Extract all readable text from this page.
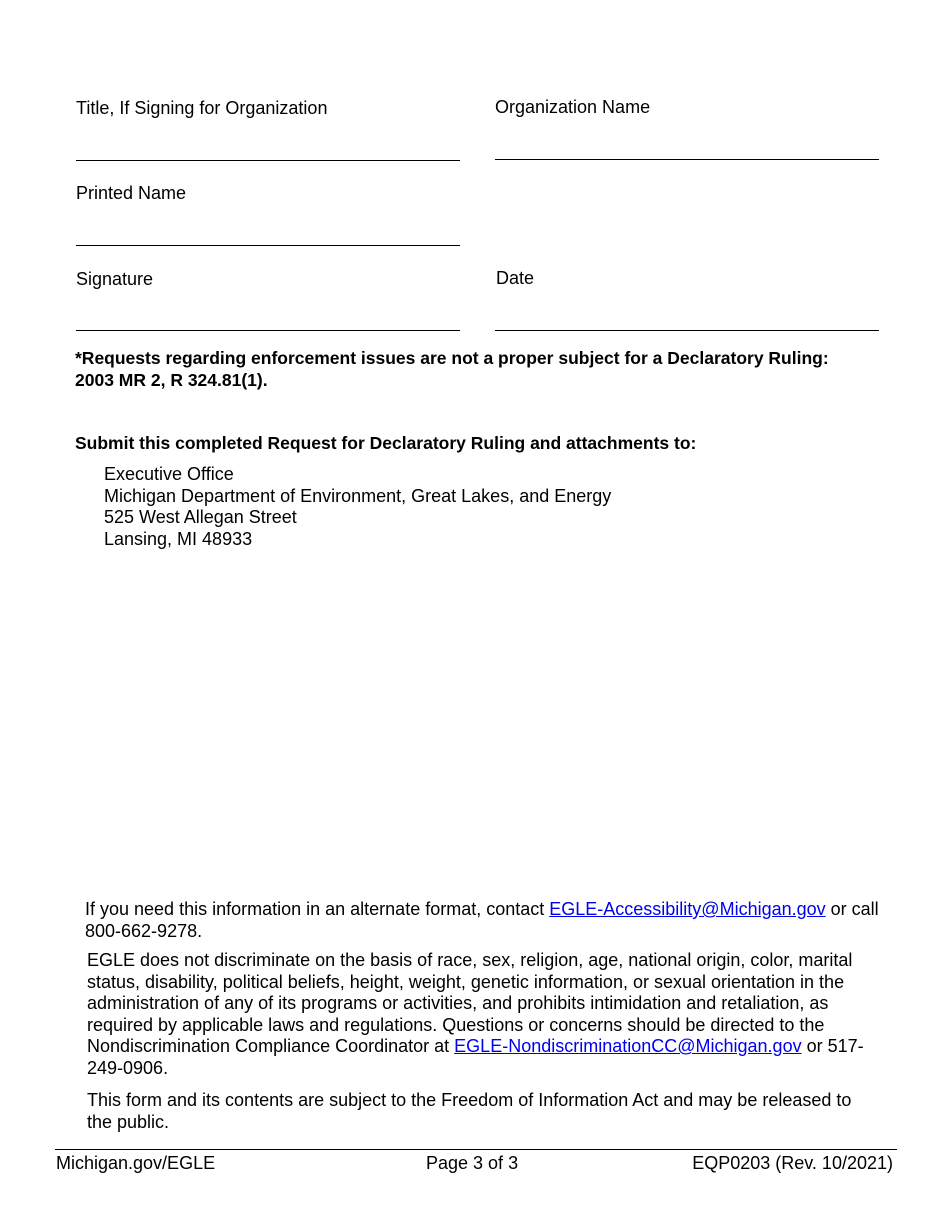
Title, If Signing for Organization	Organization Name
Printed Name
Signature	Date
*Requests regarding enforcement issues are not a proper subject for a Declaratory Ruling:
2003 MR 2, R 324.81(1).
Submit this completed Request for Declaratory Ruling and attachments to:
Executive Office
Michigan Department of Environment, Great Lakes, and Energy
525 West Allegan Street
Lansing, MI 48933
If you need this information in an alternate format, contact EGLE-Accessibility@Michigan.gov or call 800-662-9278.
EGLE does not discriminate on the basis of race, sex, religion, age, national origin, color, marital status, disability, political beliefs, height, weight, genetic information, or sexual orientation in the administration of any of its programs or activities, and prohibits intimidation and retaliation, as required by applicable laws and regulations. Questions or concerns should be directed to the Nondiscrimination Compliance Coordinator at EGLE-NondiscriminationCC@Michigan.gov or 517-249-0906.
This form and its contents are subject to the Freedom of Information Act and may be released to the public.
Michigan.gov/EGLE	Page 3 of 3	EQP0203 (Rev. 10/2021)
